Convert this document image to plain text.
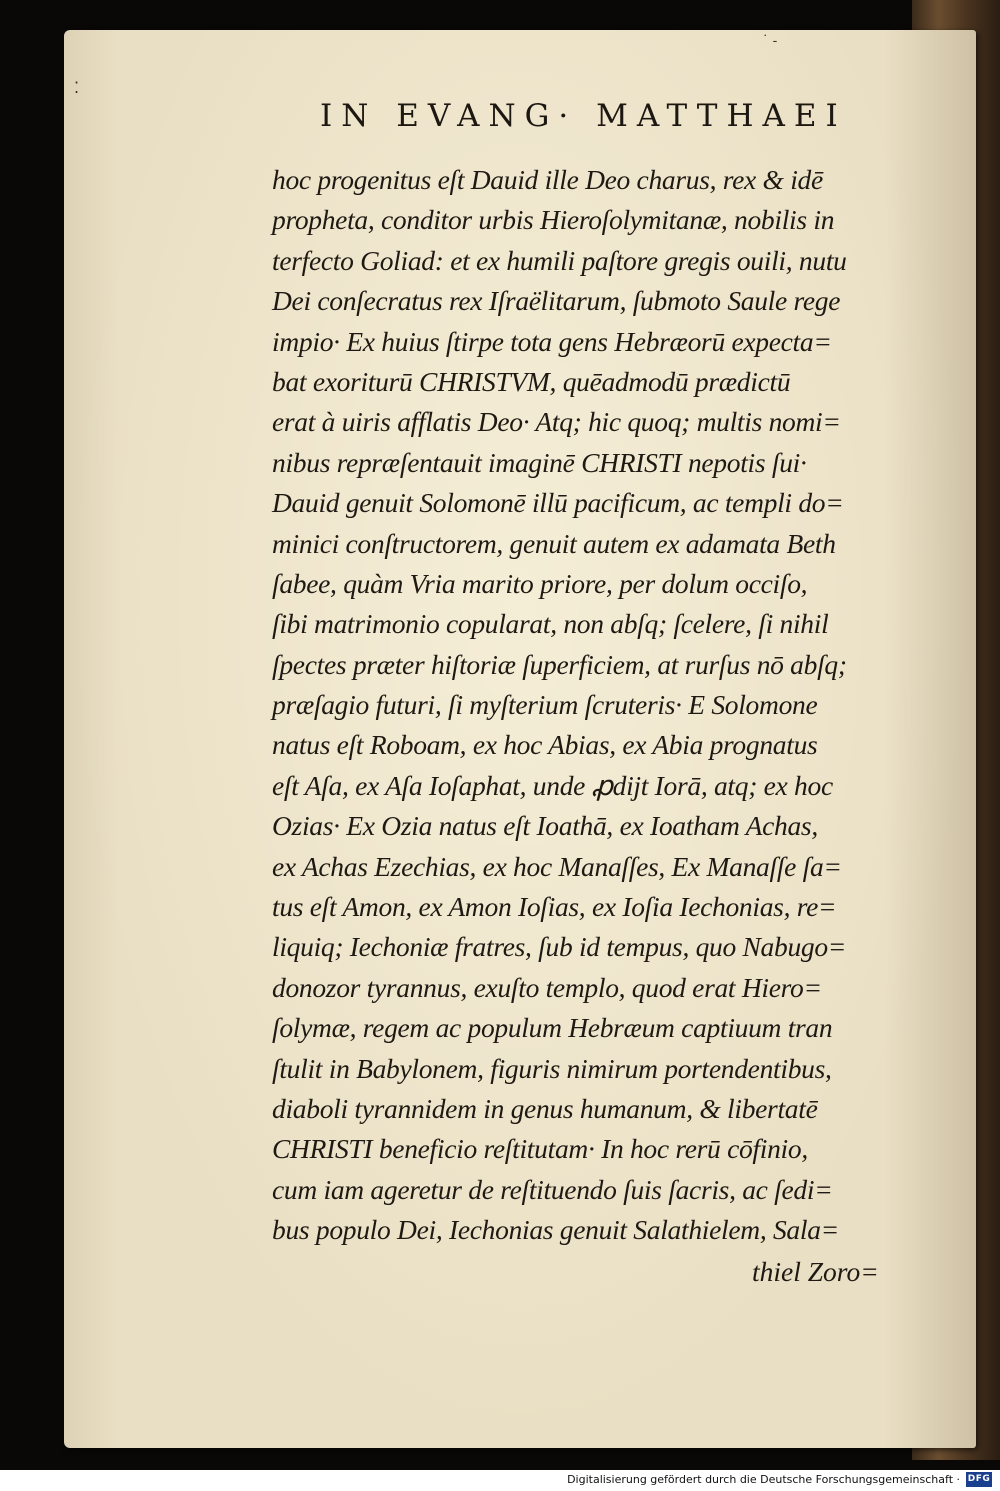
⁚
˙ -
IN EVANG· MATTHAEI
hoc progenitus eſt Dauid ille Deo charus, rex & idē
propheta, conditor urbis Hieroſolymitanæ, nobilis in
terfecto Goliad: et ex humili paſtore gregis ouili, nutu
Dei conſecratus rex Iſraëlitarum, ſubmoto Saule rege
impio· Ex huius ſtirpe tota gens Hebræorū expecta=
bat exoriturū CHRISTVM, quēadmodū prædictū
erat à uiris afflatis Deo· Atq; hic quoq; multis nomi=
nibus repræſentauit imaginē CHRISTI nepotis ſui·
Dauid genuit Solomonē illū pacificum, ac templi do=
minici conſtructorem, genuit autem ex adamata Beth
ſabee, quàm Vria marito priore, per dolum occiſo,
ſibi matrimonio copularat, non abſq; ſcelere, ſi nihil
ſpectes præter hiſtoriæ ſuperficiem, at rurſus nō abſq;
præſagio futuri, ſi myſterium ſcruteris· E Solomone
natus eſt Roboam, ex hoc Abias, ex Abia prognatus
eſt Aſa, ex Aſa Ioſaphat, unde ꝓdijt Iorā, atq; ex hoc
Ozias· Ex Ozia natus eſt Ioathā, ex Ioatham Achas,
ex Achas Ezechias, ex hoc Manaſſes, Ex Manaſſe ſa=
tus eſt Amon, ex Amon Ioſias, ex Ioſia Iechonias, re=
liquiq; Iechoniæ fratres, ſub id tempus, quo Nabugo=
donozor tyrannus, exuſto templo, quod erat Hiero=
ſolymæ, regem ac populum Hebræum captiuum tran
ſtulit in Babylonem, figuris nimirum portendentibus,
diaboli tyrannidem in genus humanum, & libertatē
CHRISTI beneficio reſtitutam· In hoc rerū cōfinio,
cum iam ageretur de reſtituendo ſuis ſacris, ac ſedi=
bus populo Dei, Iechonias genuit Salathielem, Sala=
thiel Zoro=
Digitalisierung gefördert durch die Deutsche Forschungsgemeinschaft · DFG
